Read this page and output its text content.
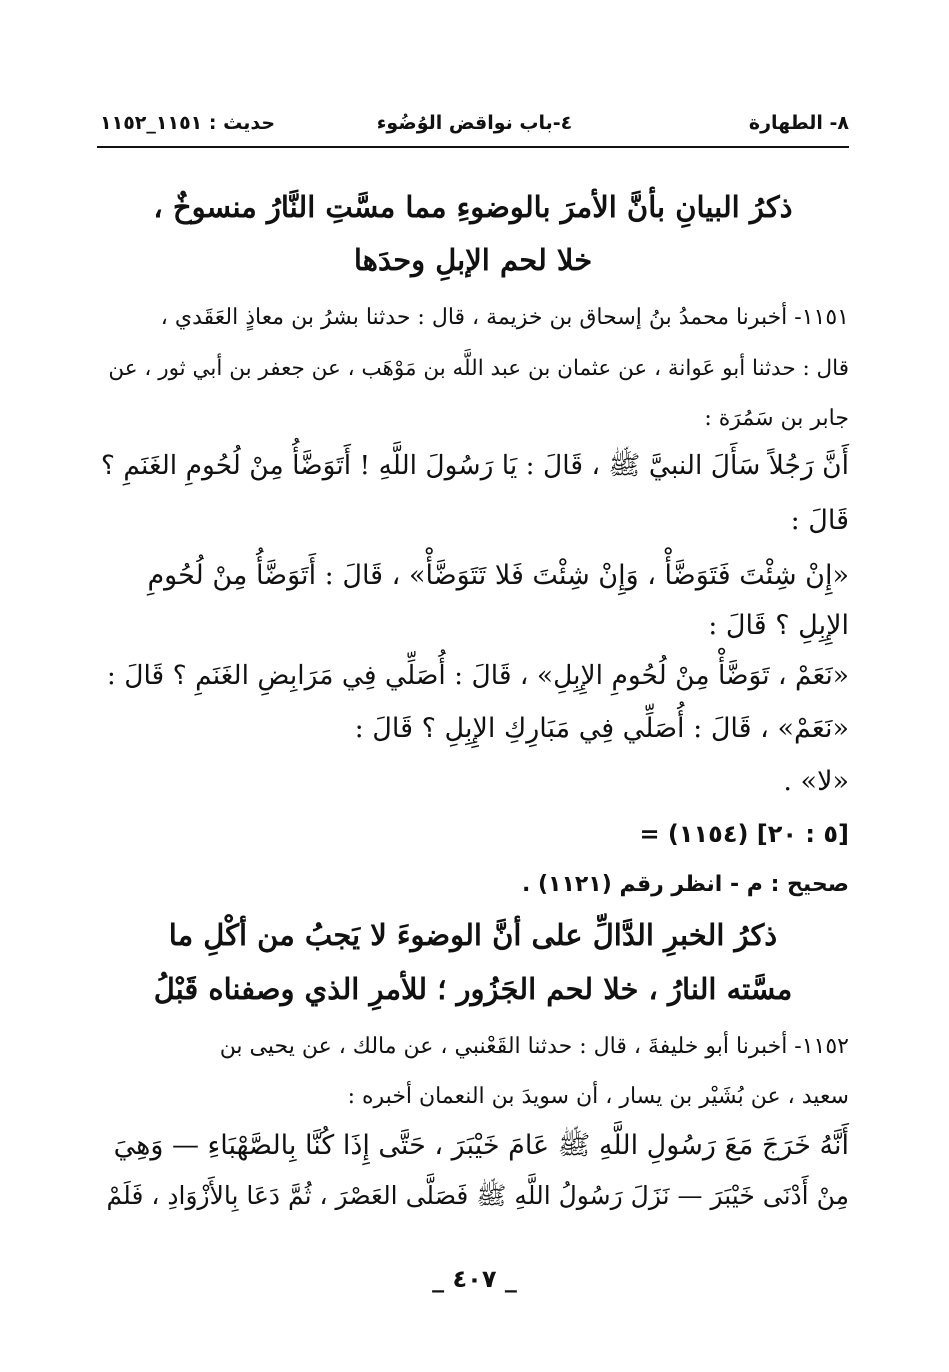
٨- الطهارة
٤-باب نواقض الوُضُوء
حديث : ١١٥١_١١٥٢
ذكرُ البيانِ بأنَّ الأمرَ بالوضوءِ مما مسَّتِ النَّارُ منسوخٌ ،
خلا لحم الإبلِ وحدَها
١١٥١- أخبرنا محمدُ بنُ إسحاق بن خزيمة ، قال : حدثنا بشرُ بن معاذٍ العَقَدي ،
قال : حدثنا أبو عَوانة ، عن عثمان بن عبد اللَّه بن مَوْهَب ، عن جعفر بن أبي ثور ، عن
جابر بن سَمُرَة :
أَنَّ رَجُلاً سَأَلَ النبيَّ ﷺ ، قَالَ : يَا رَسُولَ اللَّهِ ! أَتَوَضَّأُ مِنْ لُحُومِ الغَنَمِ ؟
قَالَ :
«إِنْ شِئْتَ فَتَوَضَّأْ ، وَإِنْ شِئْتَ فَلا تَتَوَضَّأْ» ، قَالَ : أَتَوَضَّأُ مِنْ لُحُومِ
الإِبِلِ ؟ قَالَ :
«نَعَمْ ، تَوَضَّأْ مِنْ لُحُومِ الإِبِلِ» ، قَالَ : أُصَلِّي فِي مَرَابِضِ الغَنَمِ ؟ قَالَ :
«نَعَمْ» ، قَالَ : أُصَلِّي فِي مَبَارِكِ الإِبِلِ ؟ قَالَ :
«لا» .
= (١١٥٤) [٥ : ٢٠]
صحيح : م - انظر رقم (١١٢١) .
ذكرُ الخبرِ الدَّالِّ على أنَّ الوضوءَ لا يَجبُ من أكْلِ ما
مسَّته النارُ ، خلا لحم الجَزُور ؛ للأمرِ الذي وصفناه قَبْلُ
١١٥٢- أخبرنا أبو خليفةَ ، قال : حدثنا القَعْنبي ، عن مالك ، عن يحيى بن
سعيد ، عن بُشَيْر بن يسار ، أن سويدَ بن النعمان أخبره :
أَنَّهُ خَرَجَ مَعَ رَسُولِ اللَّهِ ﷺ عَامَ خَيْبَرَ ، حَتَّى إِذَا كُنَّا بِالصَّهْبَاءِ — وَهِيَ
مِنْ أَدْنَى خَيْبَرَ — نَزَلَ رَسُولُ اللَّهِ ﷺ فَصَلَّى العَصْرَ ، ثُمَّ دَعَا بِالأَزْوَادِ ، فَلَمْ
_ ٤٠٧ _
